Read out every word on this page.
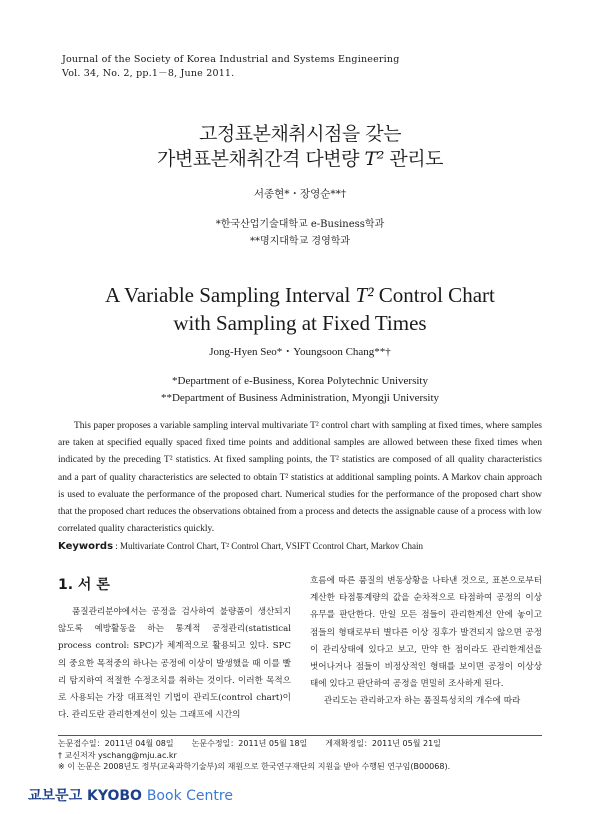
Journal of the Society of Korea Industrial and Systems Engineering
Vol. 34, No. 2, pp.1－8, June 2011.
고정표본채취시점을 갖는
가변표본채취간격 다변량 T² 관리도
서종현*・장영순**†
*한국산업기술대학교 e-Business학과
**명지대학교 경영학과
A Variable Sampling Interval T² Control Chart
with Sampling at Fixed Times
Jong-Hyen Seo*・Youngsoon Chang**†
*Department of e-Business, Korea Polytechnic University
**Department of Business Administration, Myongji University
This paper proposes a variable sampling interval multivariate T² control chart with sampling at fixed times, where samples are taken at specified equally spaced fixed time points and additional samples are allowed between these fixed times when indicated by the preceding T² statistics. At fixed sampling points, the T² statistics are composed of all quality characteristics and a part of quality characteristics are selected to obtain T² statistics at additional sampling points. A Markov chain approach is used to evaluate the performance of the proposed chart. Numerical studies for the performance of the proposed chart show that the proposed chart reduces the observations obtained from a process and detects the assignable cause of a process with low correlated quality characteristics quickly.
Keywords : Multivariate Control Chart, T² Control Chart, VSIFT Ccontrol Chart, Markov Chain
1. 서 론
품질관리분야에서는 공정을 검사하여 불량품이 생산되지 않도록 예방활동을 하는 통계적 공정관리(statistical process control: SPC)가 체계적으로 활용되고 있다. SPC의 중요한 목적중의 하나는 공정에 이상이 발생했을 때 이를 빨리 탐지하여 적절한 수정조치를 취하는 것이다. 이러한 목적으로 사용되는 가장 대표적인 기법이 관리도(control chart)이다. 관리도란 관리한계선이 있는 그래프에 시간의

흐름에 따른 품질의 변동상황을 나타낸 것으로, 표본으로부터 계산한 타점통계량의 값을 순차적으로 타점하여 공정의 이상유무를 판단한다. 만일 모든 점들이 관리한계선 안에 놓이고 점들의 형태로부터 별다른 이상 징후가 발견되지 않으면 공정이 관리상태에 있다고 보고, 만약 한 점이라도 관리한계선을 벗어나거나 점들이 비정상적인 형태를 보이면 공정이 이상상태에 있다고 판단하여 공정을 면밀히 조사하게 된다.

관리도는 관리하고자 하는 품질특성치의 개수에 따라

논문접수일：2011년 04월 08일 논문수정일：2011년 05월 18일 게재확정일：2011년 05월 21일
† 교신저자 yschang@mju.ac.kr
※ 이 논문은 2008년도 정부(교육과학기술부)의 재원으로 한국연구재단의 지원을 받아 수행된 연구임(B00068).
교보문고 KYOBO Book Centre
